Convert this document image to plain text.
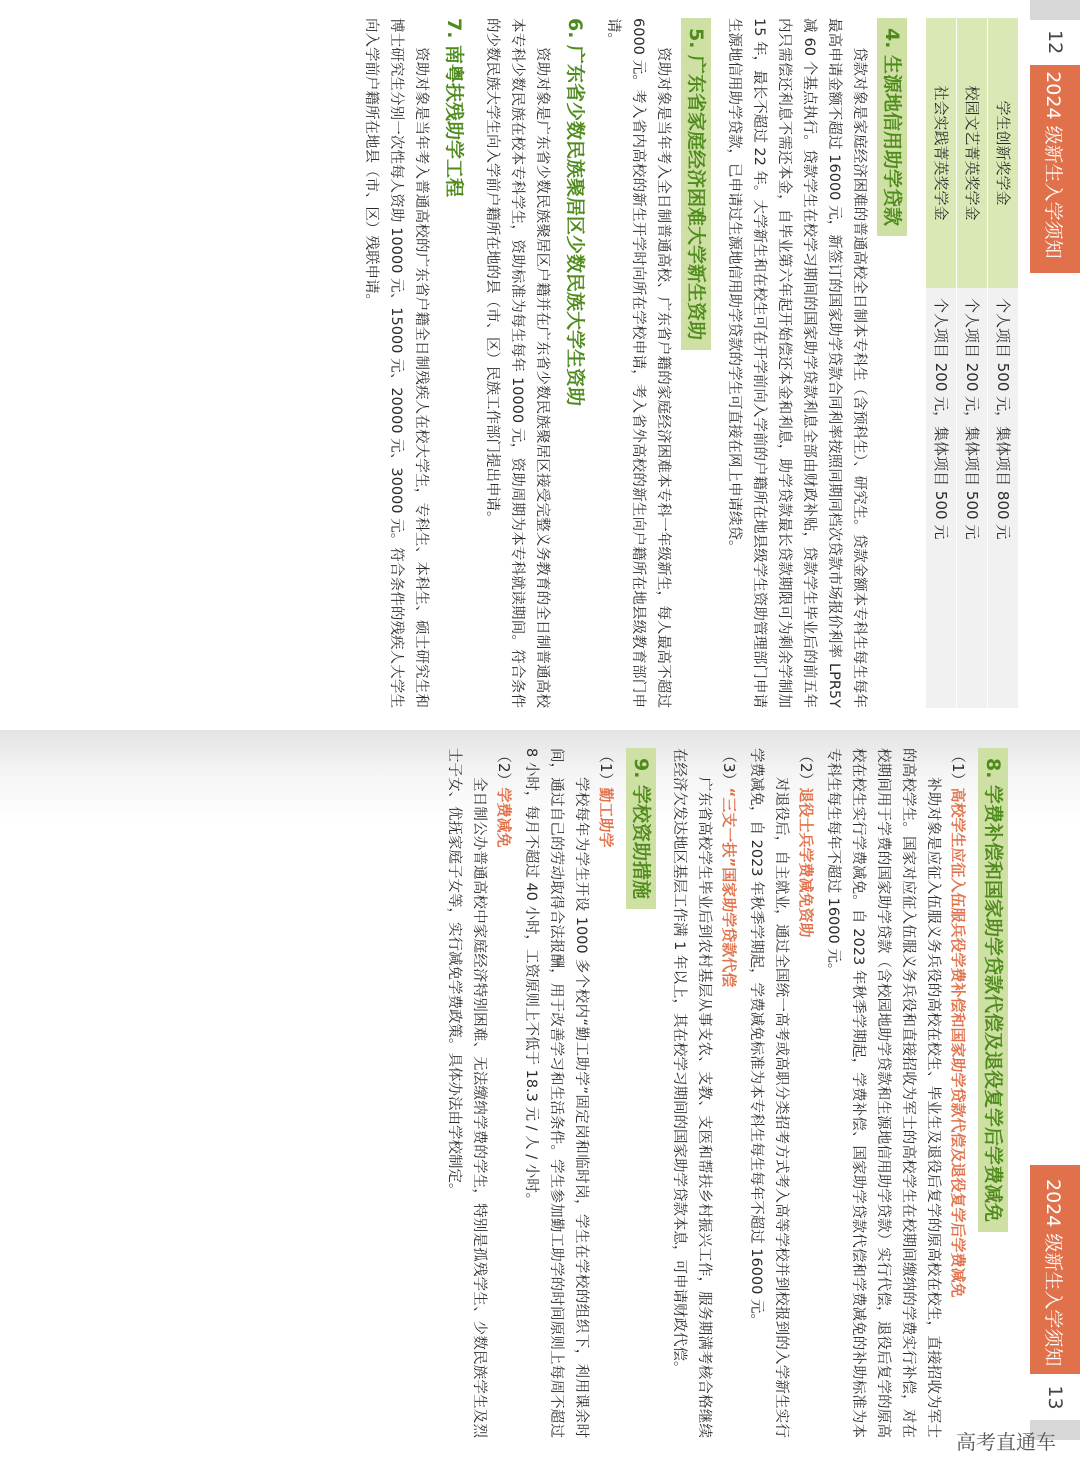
12
2024 级新生入学须知
学生创新奖学金	个人项目 500 元，集体项目 800 元
校园文艺菁英奖学金	个人项目 200 元，集体项目 500 元
社会实践菁英奖学金	个人项目 200 元，集体项目 500 元
4. 生源地信用助学贷款

贷款对象是家庭经济困难的普通高校全日制本专科生（含预科生）、研究生。贷款金额本专科生每生每年最高申请金额不超过 16000 元，新签订的国家助学贷款合同利率按照同期同档次贷款市场报价利率 LPR5Y 减 60 个基点执行。贷款学生在校学习期间的国家助学贷款利息全部由财政补贴，贷款学生毕业后的前五年内只需偿还利息不需还本金，自毕业第六年起开始偿还本金和利息，助学贷款最长贷款期限可为剩余学制加 15 年，最长不超过 22 年。大学新生和在校生可在开学前向入学前的户籍所在地县级学生资助管理部门申请生源地信用助学贷款，已申请过生源地信用助学贷款的学生可直接在网上申请续贷。

5. 广东省家庭经济困难大学新生资助

资助对象是当年考入全日制普通高校、广东省户籍的家庭经济困难本专科一年级新生，每人最高不超过 6000 元。考入省内高校的新生开学时向所在学校申请，考入省外高校的新生向户籍所在地县级教育部门申请。

6. 广东省少数民族聚居区少数民族大学生资助

资助对象是广东省少数民族聚居区户籍并在广东省少数民族聚居区接受完整义务教育的全日制普通高校本专科少数民族在校本专科学生，资助标准为每生每年 10000 元，资助周期为本专科就读期间。符合条件的少数民族大学生向入学前户籍所在地的县（市、区）民族工作部门提出申请。

7. 南粤扶残助学工程

资助对象是当年考入普通高校的广东省户籍全日制残疾人在校大学生，专科生、本科生、硕士研究生和博士研究生分别一次性每人资助 10000 元、15000 元、20000 元、30000 元。符合条件的残疾人大学生向入学前户籍所在地县（市、区）残联申请。

2024 级新生入学须知
13
8. 学费补偿和国家助学贷款代偿及退役复学后学费减免

（1）高校学生应征入伍服兵役学费补偿和国家助学贷款代偿及退役复学后学费减免

补助对象是应征入伍服义务兵役的高校在校生、毕业生及退役后复学的原高校在校生，直接招收为军士的高校学生。国家对应征入伍服义务兵役和直接招收为军士的高校学生在校期间缴纳的学费实行补偿，对在校期间用于学费的国家助学贷款（含校园地助学贷款和生源地信用助学贷款）实行代偿，退役后复学的原高校在校生实行学费减免。自 2023 年秋季学期起，学费补偿、国家助学贷款代偿和学费减免的补助标准为本专科生每生每年不超过 16000 元。

（2）退役士兵学费减免资助

对退役后，自主就业，通过全国统一高考或高职分类招考方式考入高等学校并到校报到的入学新生实行学费减免，自 2023 年秋季学期起，学费减免标准为本专科生每生每年不超过 16000 元。

（3）“三支一扶”国家助学贷款代偿

广东省高校学生毕业后到农村基层从事支农、支教、支医和帮扶乡村振兴工作，服务期满考核合格继续在经济欠发达地区基层工作满 1 年以上，其在校学习期间的国家助学贷款本息，可申请财政代偿。

9. 学校资助措施

（1）勤工助学

学校每年为学生开设 1000 多个校内“勤工助学”固定岗和临时岗，学生在学校的组织下，利用课余时间，通过自己的劳动取得合法报酬，用于改善学习和生活条件。学生参加勤工助学的时间原则上每周不超过 8 小时，每月不超过 40 小时，工资原则上不低于 18.3 元 / 人 / 小时。

（2）学费减免

全日制公办普通高校中家庭经济特别困难、无法缴纳学费的学生，特别是孤残学生、少数民族学生及烈士子女、优抚家庭子女等，实行减免学费政策。具体办法由学校制定。

高考直通车
